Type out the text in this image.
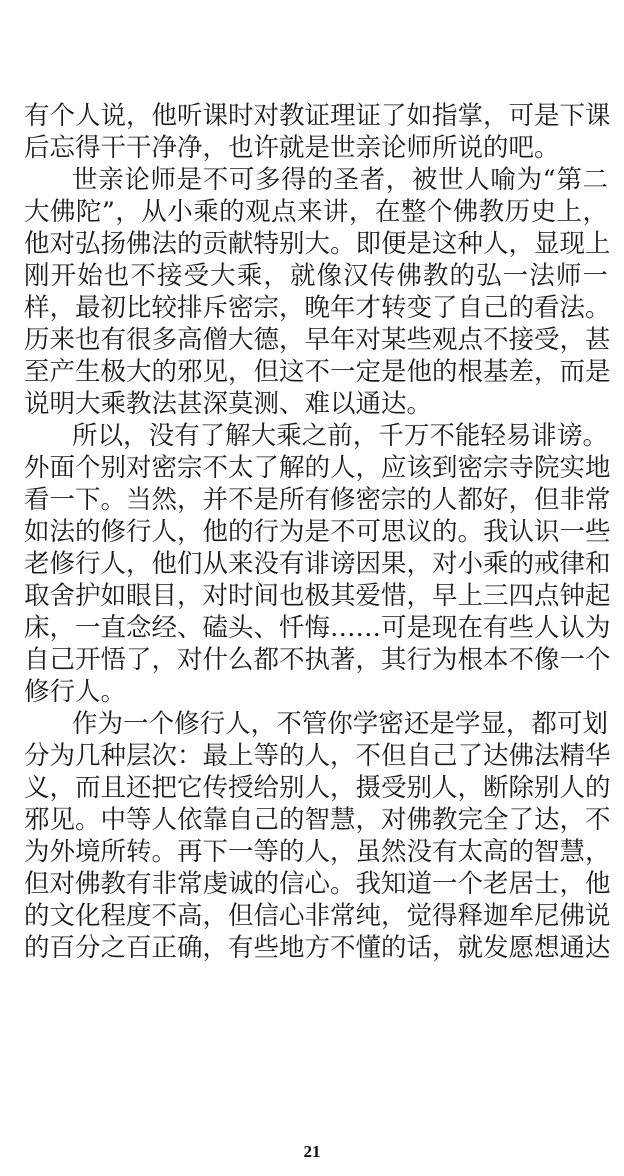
有个人说，他听课时对教证理证了如指掌，可是下课
后忘得干干净净，也许就是世亲论师所说的吧。
世亲论师是不可多得的圣者，被世人喻为“第二
大佛陀”，从小乘的观点来讲，在整个佛教历史上，
他对弘扬佛法的贡献特别大。即便是这种人，显现上
刚开始也不接受大乘，就像汉传佛教的弘一法师一
样，最初比较排斥密宗，晚年才转变了自己的看法。
历来也有很多高僧大德，早年对某些观点不接受，甚
至产生极大的邪见，但这不一定是他的根基差，而是
说明大乘教法甚深莫测、难以通达。
所以，没有了解大乘之前，千万不能轻易诽谤。
外面个别对密宗不太了解的人，应该到密宗寺院实地
看一下。当然，并不是所有修密宗的人都好，但非常
如法的修行人，他的行为是不可思议的。我认识一些
老修行人，他们从来没有诽谤因果，对小乘的戒律和
取舍护如眼目，对时间也极其爱惜，早上三四点钟起
床，一直念经、磕头、忏悔……可是现在有些人认为
自己开悟了，对什么都不执著，其行为根本不像一个
修行人。
作为一个修行人，不管你学密还是学显，都可划
分为几种层次：最上等的人，不但自己了达佛法精华
义，而且还把它传授给别人，摄受别人，断除别人的
邪见。中等人依靠自己的智慧，对佛教完全了达，不
为外境所转。再下一等的人，虽然没有太高的智慧，
但对佛教有非常虔诚的信心。我知道一个老居士，他
的文化程度不高，但信心非常纯，觉得释迦牟尼佛说
的百分之百正确，有些地方不懂的话，就发愿想通达
21
